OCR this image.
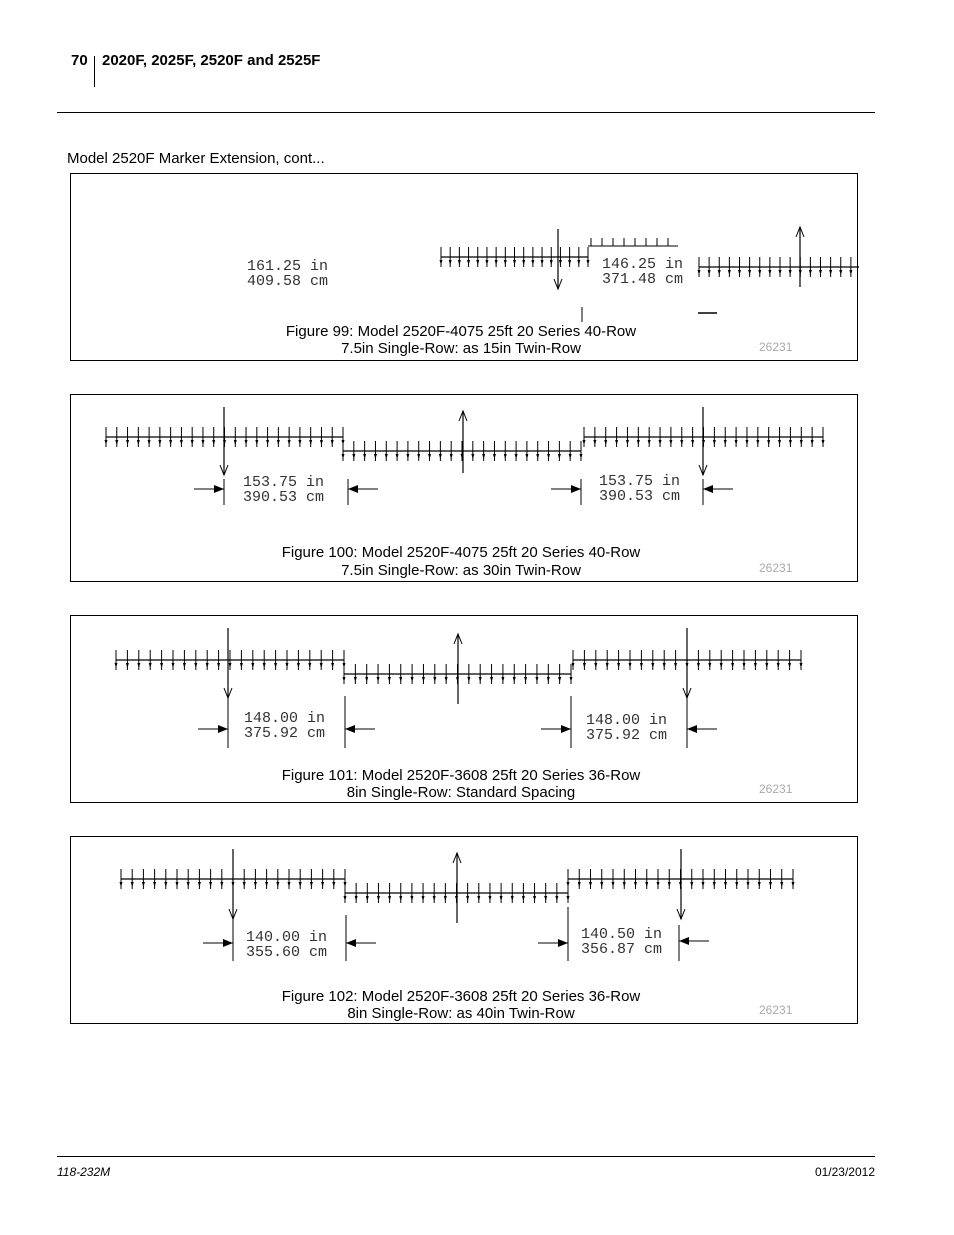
70 2020F, 2025F, 2520F and 2525F
Model 2520F Marker Extension, cont...
161.25 in
409.58 cm
146.25 in
371.48 cm
Figure 99: Model 2520F-4075 25ft 20 Series 40-Row
7.5in Single-Row: as 15in Twin-Row	26231
153.75 in
390.53 cm
153.75 in
390.53 cm
Figure 100: Model 2520F-4075 25ft 20 Series 40-Row
7.5in Single-Row: as 30in Twin-Row	26231
148.00 in
375.92 cm
148.00 in
375.92 cm
Figure 101: Model 2520F-3608 25ft 20 Series 36-Row
8in Single-Row: Standard Spacing	26231
140.00 in
355.60 cm
140.50 in
356.87 cm
Figure 102: Model 2520F-3608 25ft 20 Series 36-Row
8in Single-Row: as 40in Twin-Row	26231
118-232M	01/23/2012
